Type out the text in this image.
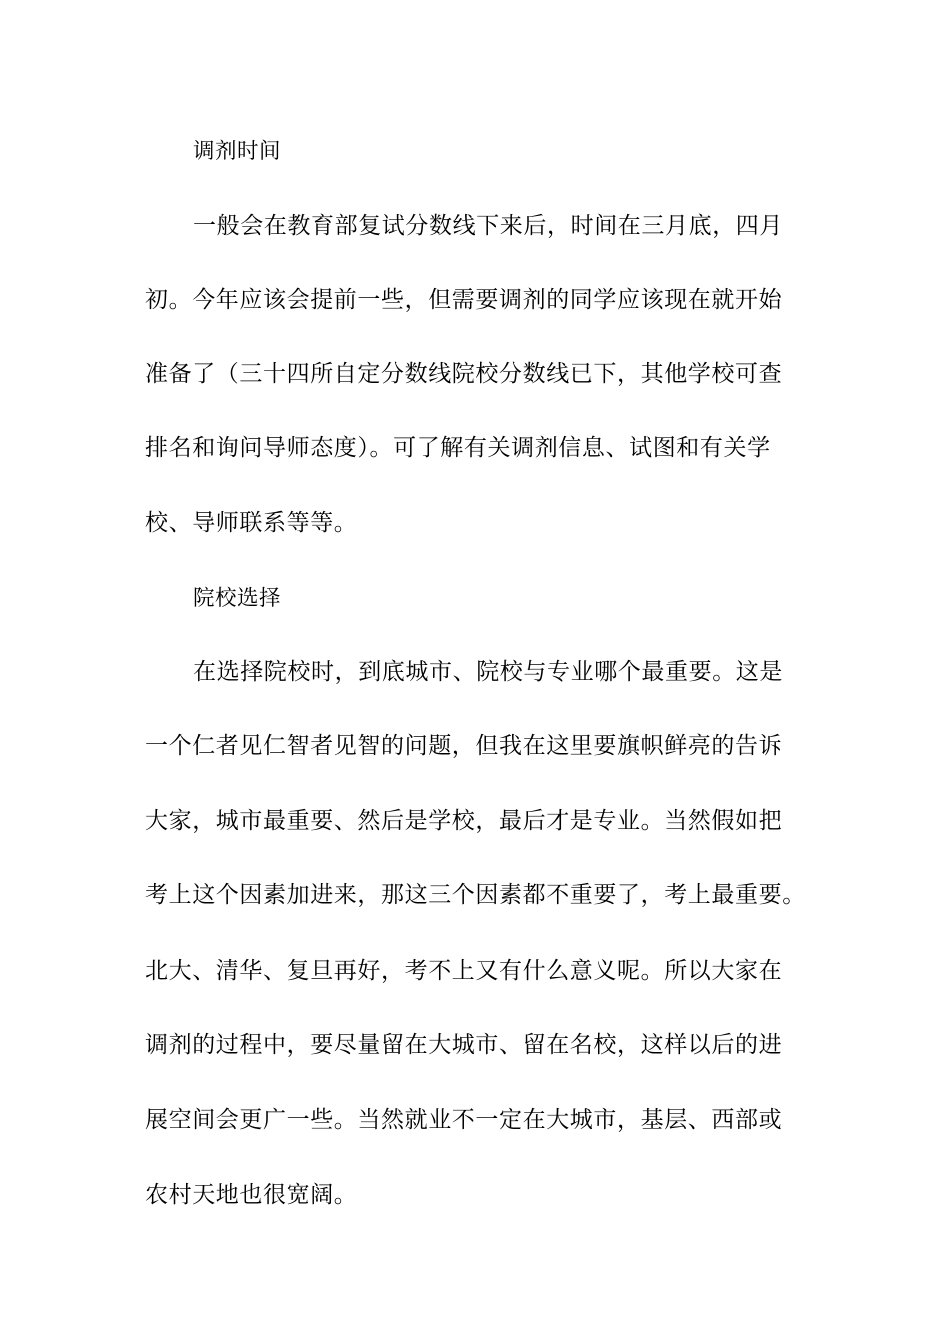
调剂时间
一般会在教育部复试分数线下来后，时间在三月底，四月
初。今年应该会提前一些，但需要调剂的同学应该现在就开始
准备了（三十四所自定分数线院校分数线已下，其他学校可查
排名和询问导师态度）。可了解有关调剂信息、试图和有关学
校、导师联系等等。
院校选择
在选择院校时，到底城市、院校与专业哪个最重要。这是
一个仁者见仁智者见智的问题，但我在这里要旗帜鲜亮的告诉
大家，城市最重要、然后是学校，最后才是专业。当然假如把
考上这个因素加进来，那这三个因素都不重要了，考上最重要。
北大、清华、复旦再好，考不上又有什么意义呢。所以大家在
调剂的过程中，要尽量留在大城市、留在名校，这样以后的进
展空间会更广一些。当然就业不一定在大城市，基层、西部或
农村天地也很宽阔。
